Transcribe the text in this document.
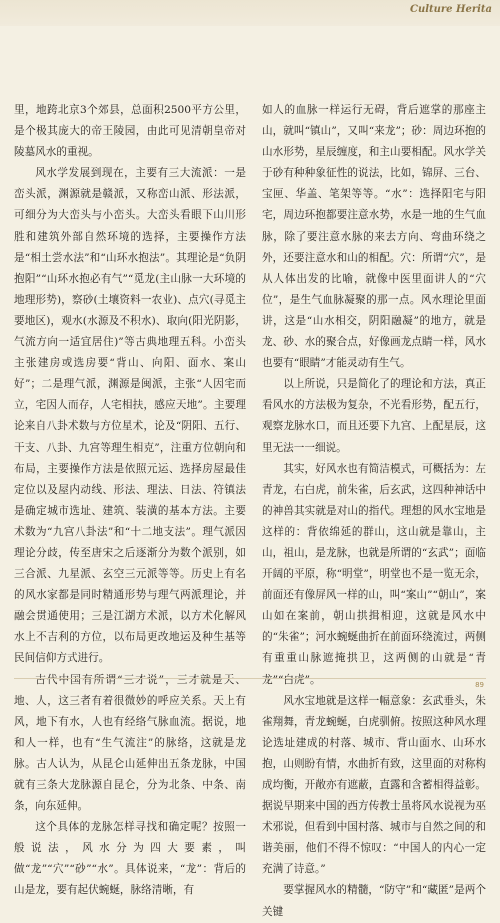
Culture Herita

里，地跨北京3个郊县，总面积2500平方公里，是个极其庞大的帝王陵园，由此可见清朝皇帝对陵墓风水的重视。

风水学发展到现在，主要有三大流派：一是峦头派，渊源就是赣派，又称峦山派、形法派，可细分为大峦头与小峦头。大峦头看眼下山川形胜和建筑外部自然环境的选择，主要操作方法是“相土尝水法”和“山环水抱法”。其理论是“负阴抱阳”“山环水抱必有气”“觅龙(主山脉一大环境的地理形势)，察砂(土壤资料一农业)、点穴(寻觅主要地区)，观水(水源及不积水)、取向(阳光阴影，气流方向一适宜居住)”等古典地理五科。小峦头主张建房或选房要“背山、向阳、面水、案山好”；二是理气派，渊源是闽派，主张“人因宅而立，宅因人而存，人宅相扶，感应天地”。主要理论来自八卦术数与方位星术，论及“阴阳、五行、干支、八卦、九宫等理生相克”，注重方位朝向和布局，主要操作方法是依照元运、选择房屋最佳定位以及屋内动线、形法、理法、日法、符镇法是确定城市选址、建筑、装潢的基本方法。主要术数为“九宫八卦法”和“十二地支法”。理气派因理论分歧，传至唐宋之后逐渐分为数个派别，如三合派、九星派、玄空三元派等等。历史上有名的风水家都是同时精通形势与理气两派理论，并融会贯通使用；三是江湖方术派，以方术化解风水上不吉利的方位，以布局更改地运及种生基等民间信仰方式进行。

古代中国有所谓“三才说”，三才就是天、地、人，这三者有着很微妙的呼应关系。天上有风，地下有水，人也有经络气脉血流。据说，地和人一样，也有“生气流注”的脉络，这就是龙脉。古人认为，从昆仑山延伸出五条龙脉，中国就有三条大龙脉源自昆仑，分为北条、中条、南条，向东延伸。

这个具体的龙脉怎样寻找和确定呢？按照一般说法，风水分为四大要素，叫做“龙”“穴”“砂”“水”。具体说来，“龙”：背后的山是龙，要有起伏蜿蜒，脉络清晰，有

如人的血脉一样运行无碍，背后遮掌的那座主山，就叫“镇山”，又叫“来龙”；砂：周边环抱的山水形势，星辰缠度，和主山要相配。风水学关于砂有种种象征性的说法，比如，锦屏、三台、宝匣、华盖、笔架等等。“水”：选择阳宅与阳宅，周边环抱都要注意水势，水是一地的生气血脉，除了要注意水脉的来去方向、弯曲环绕之外，还要注意水和山的相配。穴：所谓“穴”，是从人体出发的比喻，就像中医里面讲人的“穴位”，是生气血脉凝聚的那一点。风水理论里面讲，这是“山水相交，阴阳融凝”的地方，就是龙、砂、水的聚合点，好像画龙点睛一样，风水也要有“眼睛”才能灵动有生气。

以上所说，只是简化了的理论和方法，真正看风水的方法极为复杂，不光看形势，配五行，观察龙脉水口，而且还要下九宫、上配星辰，这里无法一一细说。

其实，好风水也有简洁模式，可概括为：左青龙，右白虎，前朱雀，后玄武，这四种神话中的神兽其实就是对山的指代。理想的风水宝地是这样的：背依绵延的群山，这山就是靠山，主山，祖山，是龙脉，也就是所谓的“玄武”；面临开阔的平原，称“明堂”，明堂也不是一览无余，前面还有像屏风一样的山，叫“案山”“朝山”，案山如在案前，朝山拱揖相迎，这就是风水中的“朱雀”；河水蜿蜒曲折在前面环绕流过，两侧有重重山脉遮掩拱卫，这两侧的山就是“青龙”“白虎”。

风水宝地就是这样一幅意象：玄武垂头，朱雀翔舞，青龙蜿蜒，白虎驯俯。按照这种风水理论选址建成的村落、城市、背山面水、山环水抱，山则盼有情，水曲折有致，这里面的对称构成均衡，开敞亦有遮蔽，直露和含蓄相得益彰。据说早期来中国的西方传教士虽将风水说视为巫术邪说，但看到中国村落、城市与自然之间的和谐美丽，他们不得不惊叹：“中国人的内心一定充满了诗意。”

要掌握风水的精髓，“防守”和“藏匿”是两个关键

89
